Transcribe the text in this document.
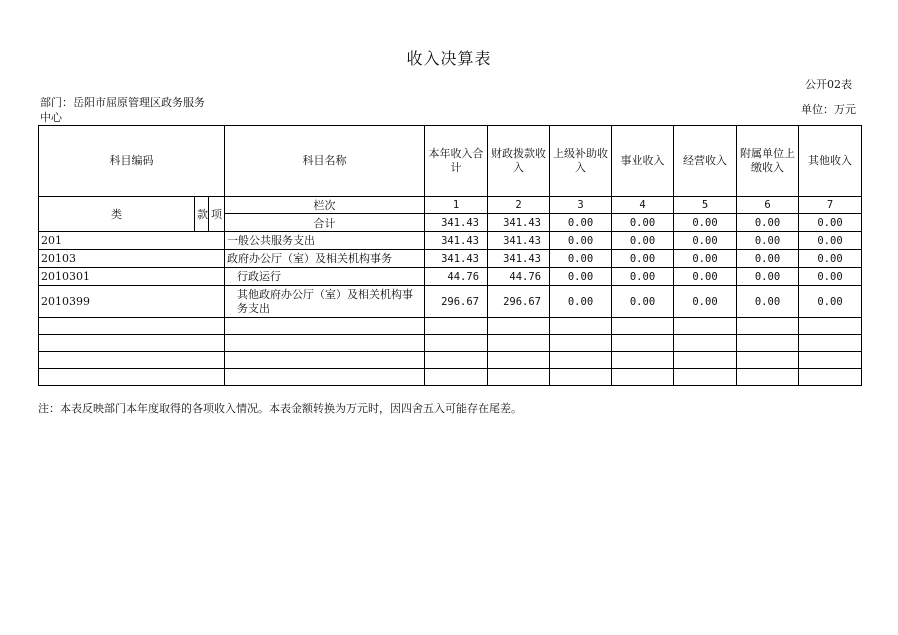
收入决算表
公开02表
部门：岳阳市屈原管理区政务服务中心
单位：万元
科目编码			科目名称	本年收入合计	财政拨款收入	上级补助收入	事业收入	经营收入	附属单位上缴收入	其他收入
类	款	项	栏次	1	2	3	4	5	6	7
			合计	341.43	341.43	0.00	0.00	0.00	0.00	0.00
201			一般公共服务支出	341.43	341.43	0.00	0.00	0.00	0.00	0.00
20103			政府办公厅（室）及相关机构事务	341.43	341.43	0.00	0.00	0.00	0.00	0.00
2010301			行政运行	44.76	44.76	0.00	0.00	0.00	0.00	0.00
2010399			其他政府办公厅（室）及相关机构事务支出	296.67	296.67	0.00	0.00	0.00	0.00	0.00

注：本表反映部门本年度取得的各项收入情况。本表金额转换为万元时，因四舍五入可能存在尾差。
